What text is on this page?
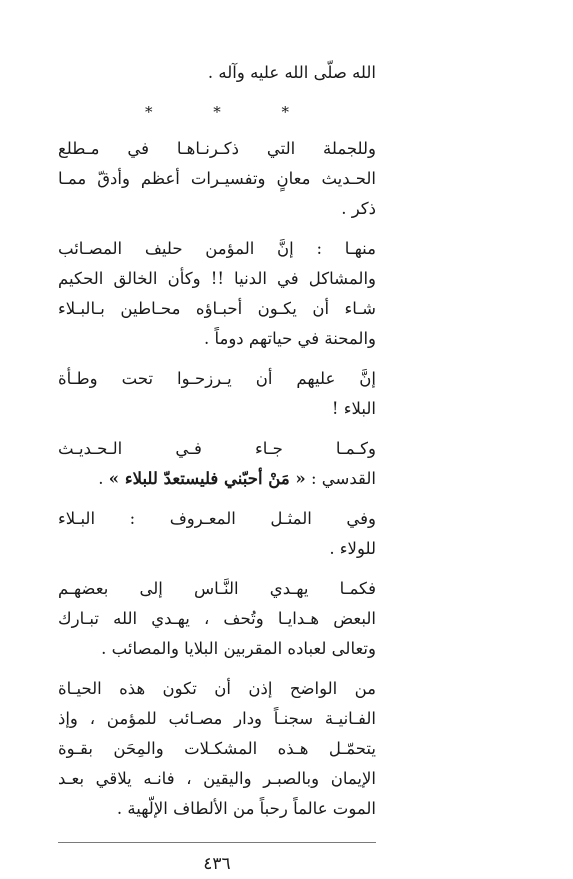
الله صلّى الله عليه وآله .
* * *
وللجملة التي ذكـرنـاهـا في مـطلع
الحـديث معانٍ وتفسيـرات أعظم وأدقّ ممـا
ذكر .
منهـا : إنَّ المؤمن حليف المصـائب
والمشاكل في الدنيا !! وكأن الخالق الحكيم
شـاء أن يكـون أحبـاؤه محـاطين بـالبـلاء
والمحنة في حياتهم دوماً .
إنَّ عليهم أن يـرزحـوا تحت وطـأة
البلاء !
وكـمـا جـاء فـي الـحـديـث
القدسي : « مَنْ أحبّني فليستعدّ للبلاء » .
وفي المثـل المعـروف : البـلاء
للولاء .
فكمـا يهـدي النَّـاس إلى بعضهـم
البعض هـدايـا وتُحف ، يهـدي الله تبـارك
وتعالى لعباده المقربين البلايا والمصائب .
من الواضح إذن أن تكون هذه الحيـاة
الفـانيـة سجنـاً ودار مصـائب للمؤمن ، وإذ
يتحمّـل هـذه المشكـلات والمِحَن بقـوة
الإيمان وبالصبـر واليقين ، فانـه يلاقي بعـد
الموت عالماً رحباً من الألطاف الإلّهية .
٤٣٦
